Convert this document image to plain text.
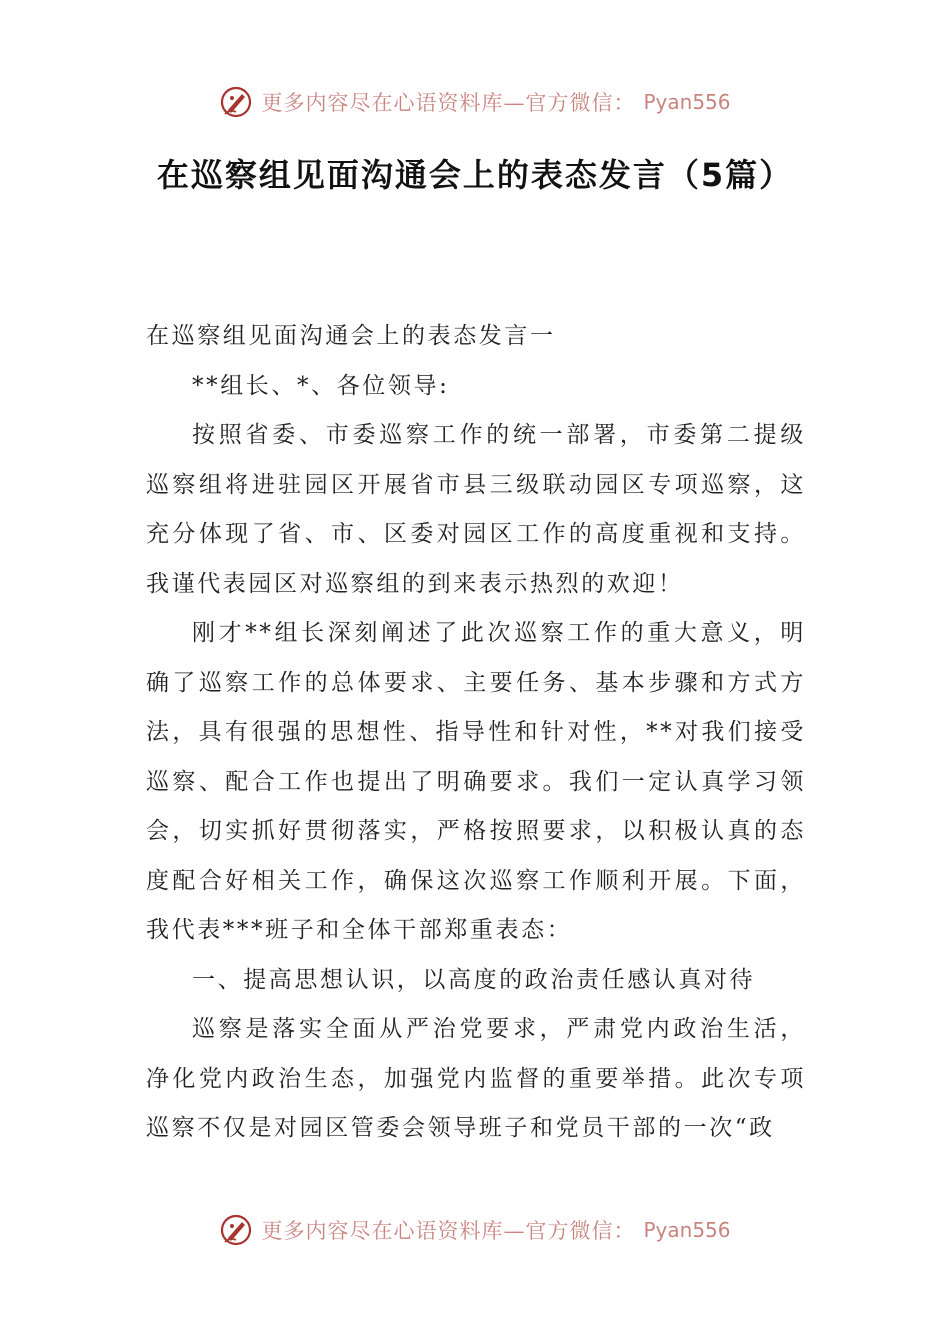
更多内容尽在心语资料库—官方微信： Pyan556
在巡察组见面沟通会上的表态发言（5篇）

在巡察组见面沟通会上的表态发言一

**组长、*、各位领导:

按照省委、市委巡察工作的统一部署，市委第二提级巡察组将进驻园区开展省市县三级联动园区专项巡察，这充分体现了省、市、区委对园区工作的高度重视和支持。我谨代表园区对巡察组的到来表示热烈的欢迎！

刚才**组长深刻阐述了此次巡察工作的重大意义，明确了巡察工作的总体要求、主要任务、基本步骤和方式方法，具有很强的思想性、指导性和针对性，**对我们接受巡察、配合工作也提出了明确要求。我们一定认真学习领会，切实抓好贯彻落实，严格按照要求，以积极认真的态度配合好相关工作，确保这次巡察工作顺利开展。下面，我代表***班子和全体干部郑重表态：

一、提高思想认识，以高度的政治责任感认真对待

巡察是落实全面从严治党要求，严肃党内政治生活，净化党内政治生态，加强党内监督的重要举措。此次专项巡察不仅是对园区管委会领导班子和党员干部的一次“政

更多内容尽在心语资料库—官方微信： Pyan556
